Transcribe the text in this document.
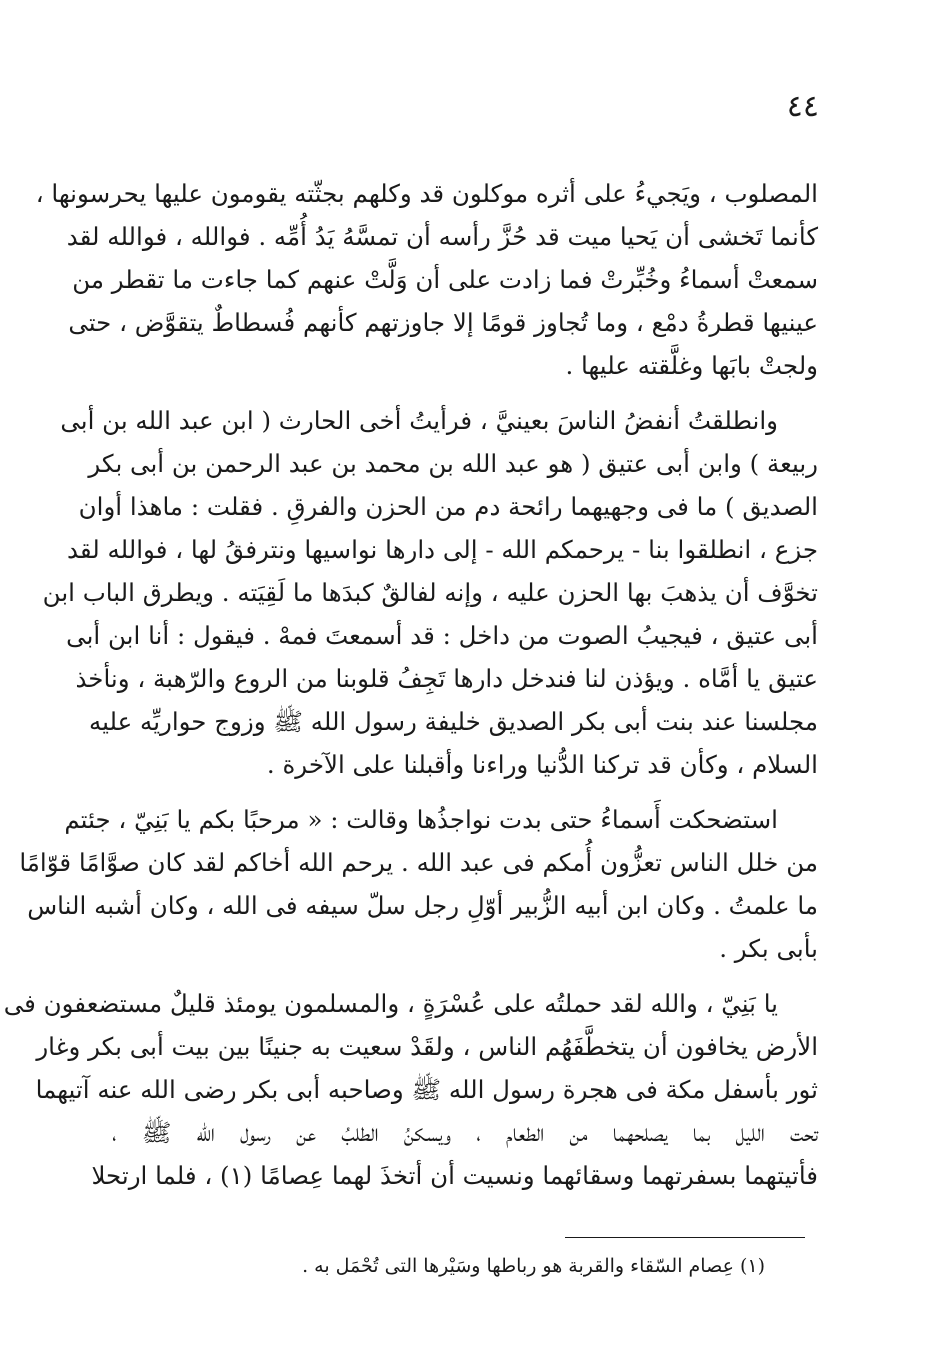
٤٤
المصلوب ، ويَجيءُ على أثره موكلون قد وكلهم بجثّته يقومون عليها يحرسونها ،
كأنما تَخشى أن يَحيا ميت قد حُزَّ رأسه أن تمسَّهُ يَدُ أُمِّه . فوالله ، فوالله لقد
سمعتْ أسماءُ وخُبِّرتْ فما زادت على أن وَلَّتْ عنهم كما جاءت ما تقطر من
عينيها قطرةُ دمْع ، وما تُجاوز قومًا إلا جاوزتهم كأنهم فُسطاطٌ يتقوَّض ، حتى
ولجتْ بابَها وغلَّقته عليها .
وانطلقتُ أنفضُ الناسَ بعينيَّ ، فرأيتُ أخى الحارث ( ابن عبد الله بن أبى
ربيعة ) وابن أبى عتيق ( هو عبد الله بن محمد بن عبد الرحمن بن أبى بكر
الصديق ) ما فى وجهيهما رائحة دم من الحزن والفرقِ . فقلت : ماهذا أوان
جزع ، انطلقوا بنا - يرحمكم الله - إلى دارها نواسيها ونترفقُ لها ، فوالله لقد
تخوَّف أن يذهبَ بها الحزن عليه ، وإنه لفالقٌ كبدَها ما لَقِيَته . ويطرق الباب ابن
أبى عتيق ، فيجيبُ الصوت من داخل : قد أسمعتَ فمهْ . فيقول : أنا ابن أبى
عتيق يا أمَّاه . ويؤذن لنا فندخل دارها تَجِفُ قلوبنا من الروع والرّهبة ، ونأخذ
مجلسنا عند بنت أبى بكر الصديق خليفة رسول الله ﷺ وزوج حواريِّه عليه
السلام ، وكأن قد تركنا الدُّنيا وراءنا وأقبلنا على الآخرة .
استضحكت أَسماءُ حتى بدت نواجذُها وقالت : « مرحبًا بكم يا بَنِيّ ، جئتم
من خلل الناس تعزُّون أُمكم فى عبد الله . يرحم الله أخاكم لقد كان صوَّامًا قوّامًا
ما علمتُ . وكان ابن أبيه الزُّبير أوّلِ رجل سلّ سيفه فى الله ، وكان أشبه الناس
بأبى بكر .
يا بَنِيّ ، والله لقد حملتُه على عُسْرَةٍ ، والمسلمون يومئذ قليلٌ مستضعفون فى
الأرض يخافون أن يتخطَّفَهُم الناس ، ولقَدْ سعيت به جنينًا بين بيت أبى بكر وغار
ثور بأسفل مكة فى هجرة رسول الله ﷺ وصاحبه أبى بكر رضى الله عنه آتيهما
تحت الليل بما يصلحهما من الطعام ، ويسكنُ الطلبُ عن رسول الله ﷺ ،
فأتيتهما بسفرتهما وسقائهما ونسيت أن أتخذَ لهما عِصامًا (١) ، فلما ارتحلا
(١) عِصام السّقاء والقربة هو رباطها وسَيْرها التى تُحْمَل به .
